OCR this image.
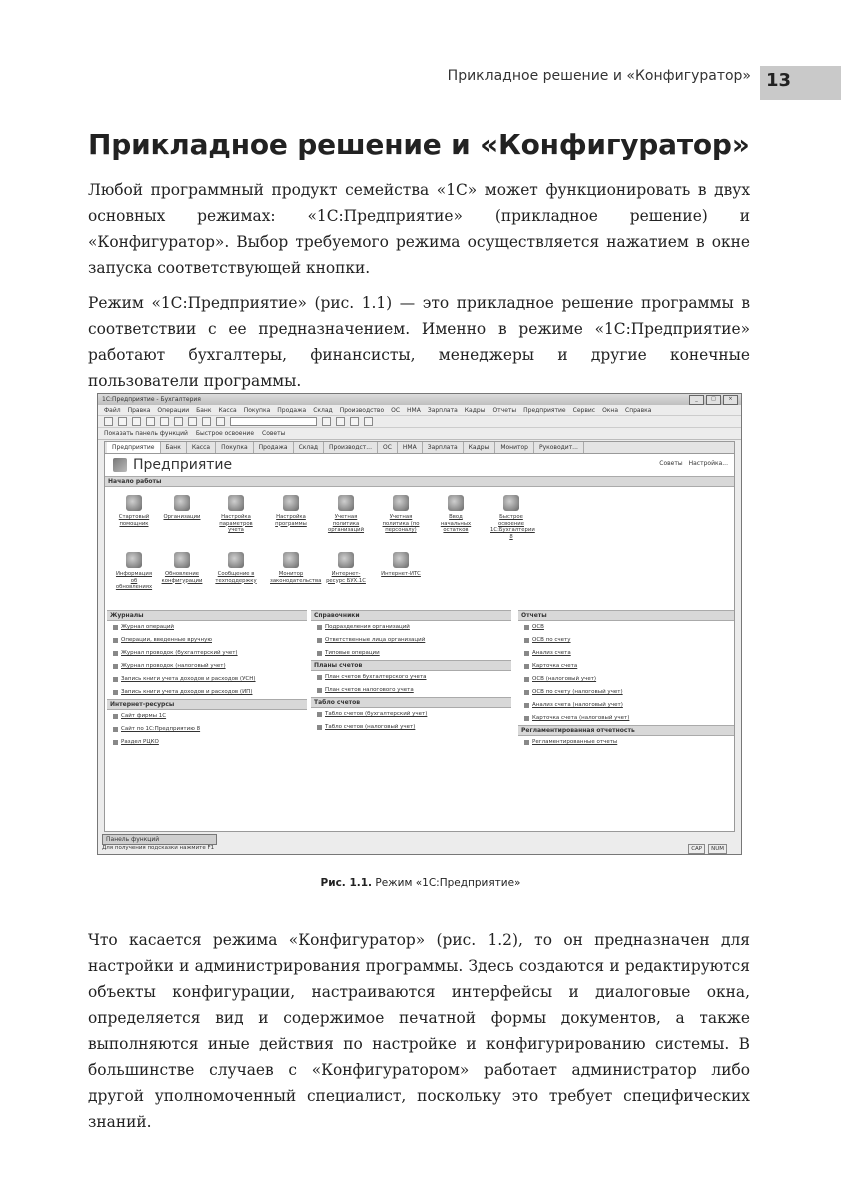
Прикладное решение и «Конфигуратор» 13
Прикладное решение и «Конфигуратор»

Любой программный продукт семейства «1С» может функционировать в двух основных режимах: «1С:Предприятие» (прикладное решение) и «Конфигуратор». Выбор требуемого режима осуществляется нажатием в окне запуска соответствующей кнопки.

Режим «1С:Предприятие» (рис. 1.1) — это прикладное решение программы в соответствии с ее предназначением. Именно в режиме «1С:Предприятие» работают бухгалтеры, финансисты, менеджеры и другие конечные пользователи программы.

1С:Предприятие - Бухгалтерия	_	□	×
Файл Правка Операции Банк Касса Покупка Продажа Склад Производство ОС НМА Зарплата Кадры Отчеты Предприятие Сервис Окна Справка
Показать панель функций Быстрое освоение Советы
Предприятие	Банк	Касса	Покупка	Продажа	Склад	Производст...	ОС	НМА	Зарплата	Кадры	Монитор	Руководит...
Предприятие	Советы Настройка...
Начало работы
Стартовый помощник
Организации	Настройка параметров учета
Настройка программы
Учетная политика организаций
Учетная политика (по персоналу)
Ввод начальных остатков
Быстрое освоение 1С:Бухгалтерии 8
Информация об обновлениях
Обновление конфигурации
Сообщение в техподдержку
Монитор законодательства
Интернет-ресурс БУХ.1С
Интернет-ИТС
Журналы
Журнал операций
Операции, введенные вручную
Журнал проводок (бухгалтерский учет)
Журнал проводок (налоговый учет)
Запись книги учета доходов и расходов (УСН)
Запись книги учета доходов и расходов (ИП)
Интернет-ресурсы
Сайт фирмы 1С
Сайт по 1С:Предприятию 8
Раздел РЦКО
Справочники
Подразделения организаций
Ответственные лица организаций
Типовые операции
Планы счетов
План счетов бухгалтерского учета
План счетов налогового учета
Табло счетов
Табло счетов (бухгалтерский учет)
Табло счетов (налоговый учет)
Отчеты
ОСВ
ОСВ по счету
Анализ счета
Карточка счета
ОСВ (налоговый учет)
ОСВ по счету (налоговый учет)
Анализ счета (налоговый учет)
Карточка счета (налоговый учет)
Регламентированная отчетность
Регламентированные отчеты
Панель функций
Для получения подсказки нажмите F1	CAP	NUM
Рис. 1.1. Режим «1С:Предприятие»

Что касается режима «Конфигуратор» (рис. 1.2), то он предназначен для настройки и администрирования программы. Здесь создаются и редактируются объекты конфигурации, настраиваются интерфейсы и диалоговые окна, определяется вид и содержимое печатной формы документов, а также выполняются иные действия по настройке и конфигурированию системы. В большинстве случаев с «Конфигуратором» работает администратор либо другой уполномоченный специалист, поскольку это требует специфических знаний.
